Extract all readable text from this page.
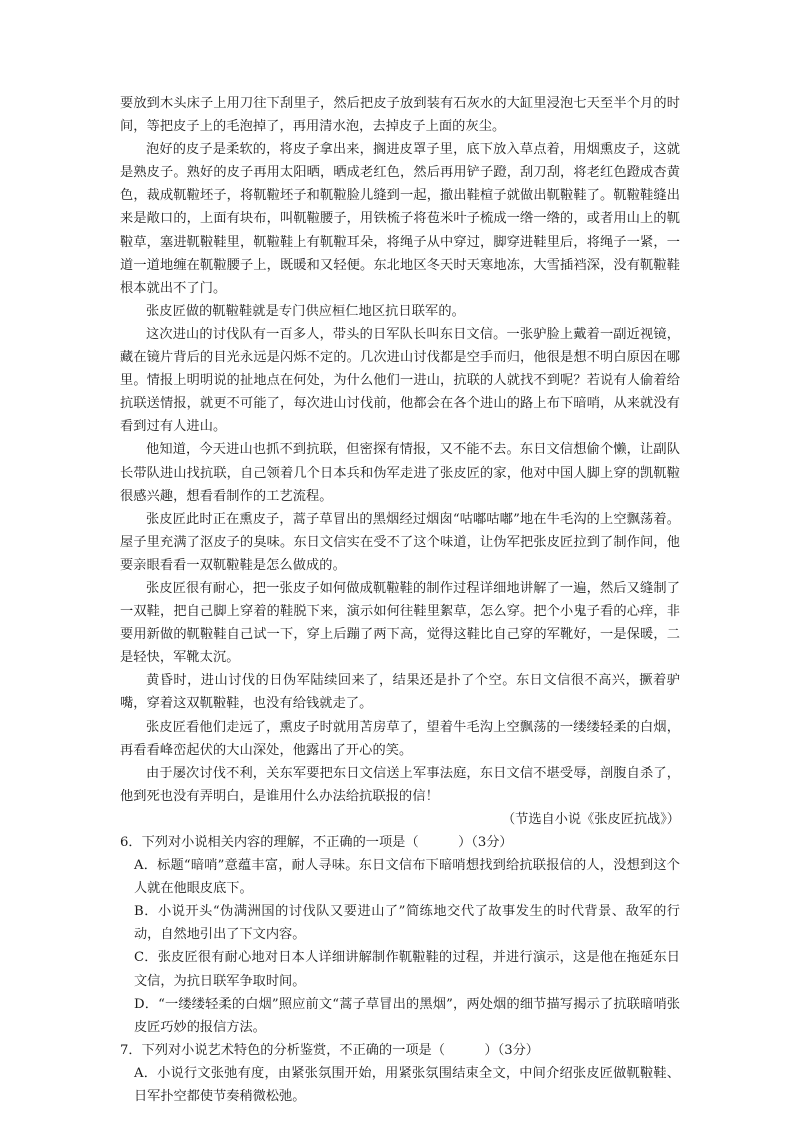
要放到木头床子上用刀往下刮里子，然后把皮子放到装有石灰水的大缸里浸泡七天至半个月的时间，等把皮子上的毛泡掉了，再用清水泡，去掉皮子上面的灰尘。

泡好的皮子是柔软的，将皮子拿出来，搁进皮罩子里，底下放入草点着，用烟熏皮子，这就是熟皮子。熟好的皮子再用太阳晒，晒成老红色，然后再用铲子蹬，刮刀刮，将老红色蹬成杏黄色，裁成靰鞡坯子，将靰鞡坯子和靰鞡脸儿缝到一起，撤出鞋楦子就做出靰鞡鞋了。靰鞡鞋缝出来是敞口的，上面有块布，叫靰鞡腰子，用铁梳子将苞米叶子梳成一绺一绺的，或者用山上的靰鞡草，塞进靰鞡鞋里，靰鞡鞋上有靰鞡耳朵，将绳子从中穿过，脚穿进鞋里后，将绳子一紧，一道一道地缠在靰鞡腰子上，既暖和又轻便。东北地区冬天时天寒地冻，大雪插裆深，没有靰鞡鞋根本就出不了门。

张皮匠做的靰鞡鞋就是专门供应桓仁地区抗日联军的。

这次进山的讨伐队有一百多人，带头的日军队长叫东日文信。一张驴脸上戴着一副近视镜，藏在镜片背后的目光永远是闪烁不定的。几次进山讨伐都是空手而归，他很是想不明白原因在哪里。情报上明明说的扯地点在何处，为什么他们一进山，抗联的人就找不到呢？若说有人偷着给抗联送情报，就更不可能了，每次进山讨伐前，他都会在各个进山的路上布下暗哨，从来就没有看到过有人进山。

他知道，今天进山也抓不到抗联，但密探有情报，又不能不去。东日文信想偷个懒，让副队长带队进山找抗联，自己领着几个日本兵和伪军走进了张皮匠的家，他对中国人脚上穿的凯靰鞡很感兴趣，想看看制作的工艺流程。

张皮匠此时正在熏皮子，蒿子草冒出的黑烟经过烟囱“咕嘟咕嘟”地在牛毛沟的上空飘荡着。屋子里充满了沤皮子的臭味。东日文信实在受不了这个味道，让伪军把张皮匠拉到了制作间，他要亲眼看看一双靰鞡鞋是怎么做成的。

张皮匠很有耐心，把一张皮子如何做成靰鞡鞋的制作过程详细地讲解了一遍，然后又缝制了一双鞋，把自己脚上穿着的鞋脱下来，演示如何往鞋里絮草，怎么穿。把个小鬼子看的心痒，非要用新做的靰鞡鞋自己试一下，穿上后蹦了两下高，觉得这鞋比自己穿的军靴好，一是保暖，二是轻快，军靴太沉。

黄昏时，进山讨伐的日伪军陆续回来了，结果还是扑了个空。东日文信很不高兴，撅着驴嘴，穿着这双靰鞡鞋，也没有给钱就走了。

张皮匠看他们走远了，熏皮子时就用苫房草了，望着牛毛沟上空飘荡的一缕缕轻柔的白烟，再看看峰峦起伏的大山深处，他露出了开心的笑。

由于屡次讨伐不利，关东军要把东日文信送上军事法庭，东日文信不堪受辱，剖腹自杀了，他到死也没有弄明白，是谁用什么办法给抗联报的信！

（节选自小说《张皮匠抗战》）

6．下列对小说相关内容的理解，不正确的一项是（　　　）（3分）

A．标题“暗哨”意蕴丰富，耐人寻味。东日文信布下暗哨想找到给抗联报信的人，没想到这个人就在他眼皮底下。

B．小说开头“伪满洲国的讨伐队又要进山了”简练地交代了故事发生的时代背景、敌军的行动，自然地引出了下文内容。

C．张皮匠很有耐心地对日本人详细讲解制作靰鞡鞋的过程，并进行演示，这是他在拖延东日文信，为抗日联军争取时间。

D．“一缕缕轻柔的白烟”照应前文“蒿子草冒出的黑烟”，两处烟的细节描写揭示了抗联暗哨张皮匠巧妙的报信方法。

7．下列对小说艺术特色的分析鉴赏，不正确的一项是（　　　）（3分）

A．小说行文张弛有度，由紧张氛围开始，用紧张氛围结束全文，中间介绍张皮匠做靰鞡鞋、日军扑空都使节奏稍微松弛。
